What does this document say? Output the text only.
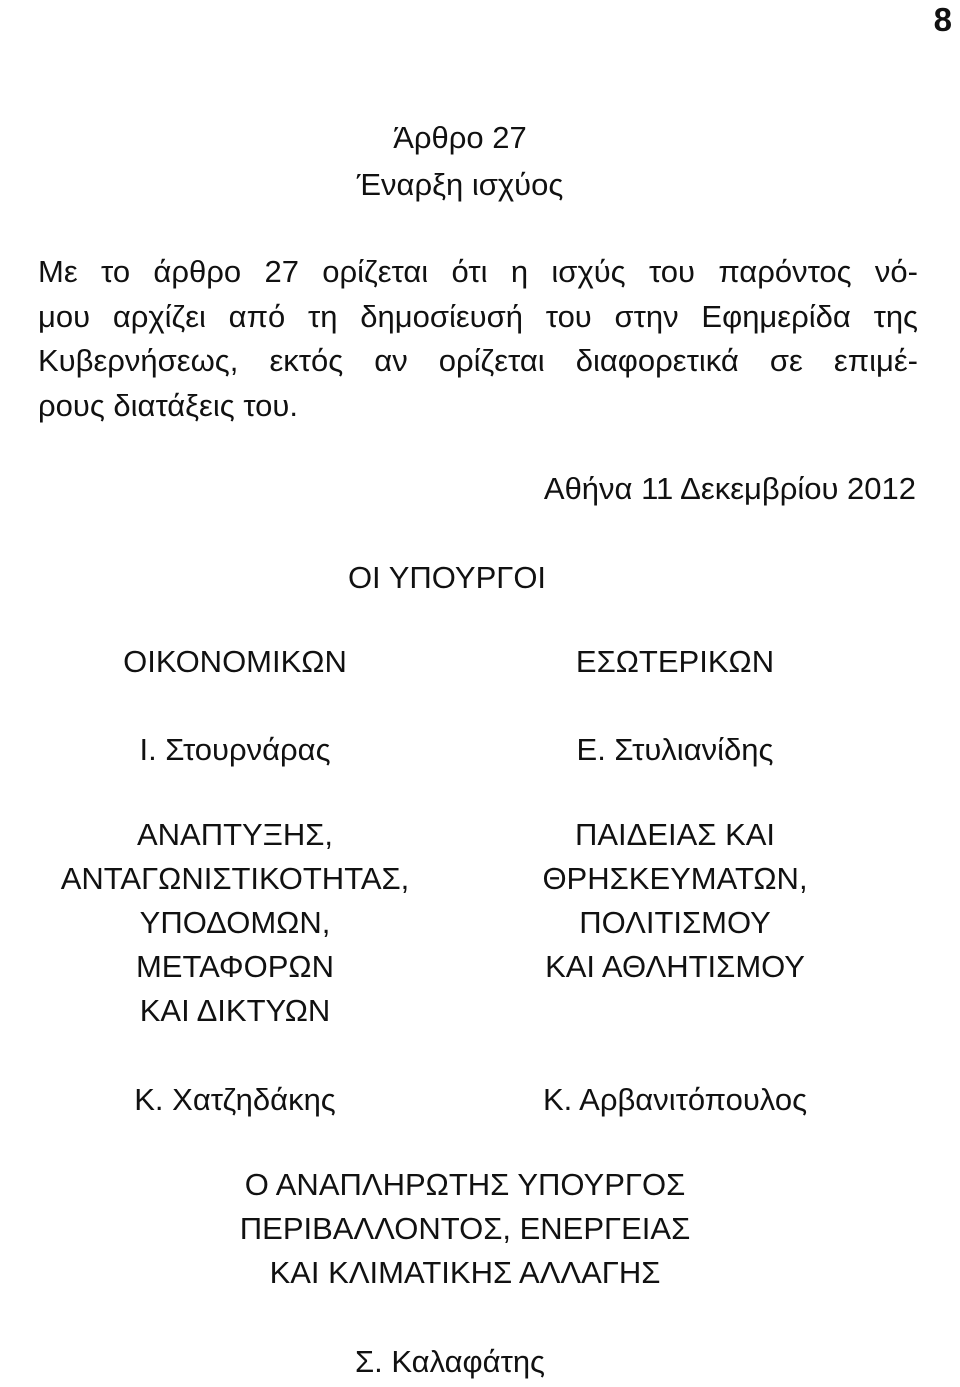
8
Άρθρο 27
Έναρξη ισχύος
Με το άρθρο 27 ορίζεται ότι η ισχύς του παρόντος νό-
μου αρχίζει από τη δημοσίευσή του στην Εφημερίδα της
Κυβερνήσεως, εκτός αν ορίζεται διαφορετικά σε επιμέ-
ρους διατάξεις του.
Αθήνα 11 Δεκεμβρίου 2012
ΟΙ ΥΠΟΥΡΓΟΙ
ΟΙΚΟΝΟΜΙΚΩΝ
Ι. Στουρνάρας
ΑΝΑΠΤΥΞΗΣ,
ΑΝΤΑΓΩΝΙΣΤΙΚΟΤΗΤΑΣ,
ΥΠΟΔΟΜΩΝ,
ΜΕΤΑΦΟΡΩΝ
ΚΑΙ ΔΙΚΤΥΩΝ
Κ. Χατζηδάκης
ΕΣΩΤΕΡΙΚΩΝ
Ε. Στυλιανίδης
ΠΑΙΔΕΙΑΣ ΚΑΙ
ΘΡΗΣΚΕΥΜΑΤΩΝ,
ΠΟΛΙΤΙΣΜΟΥ
ΚΑΙ ΑΘΛΗΤΙΣΜΟΥ
Κ. Αρβανιτόπουλος
Ο ΑΝΑΠΛΗΡΩΤΗΣ ΥΠΟΥΡΓΟΣ
ΠΕΡΙΒΑΛΛΟΝΤΟΣ, ΕΝΕΡΓΕΙΑΣ
ΚΑΙ ΚΛΙΜΑΤΙΚΗΣ ΑΛΛΑΓΗΣ
Σ. Καλαφάτης
